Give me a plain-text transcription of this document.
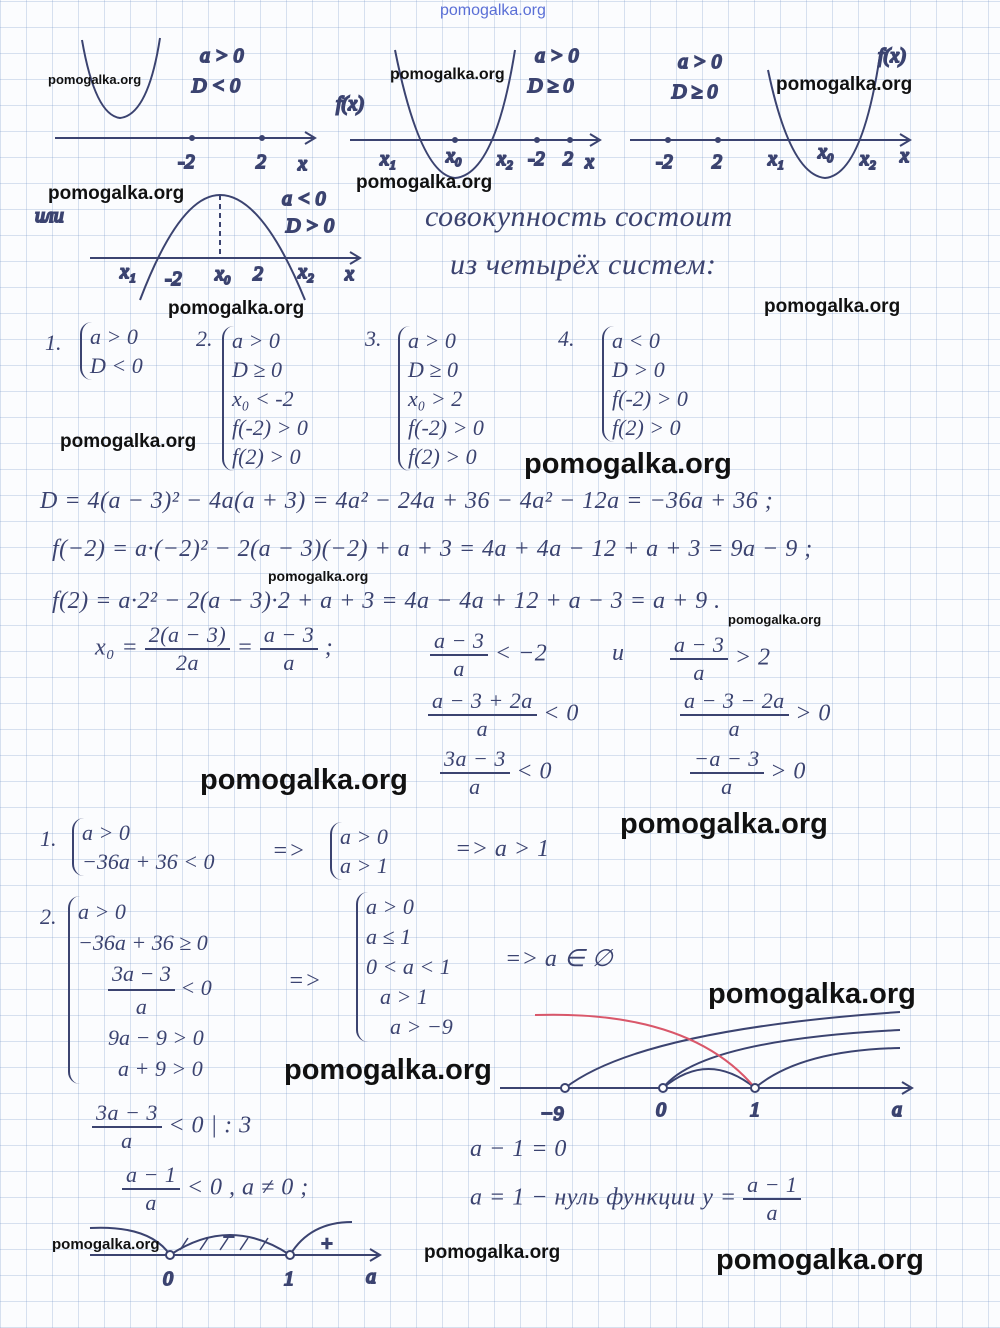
pomogalka.org
-2	2 x
a > 0
D < 0
f(x)
a > 0
D ≥ 0
x₁	x₀ x₂ -2 2 x
f(x)
a > 0
D ≥ 0
-2 2 x₁ x₀ x₂ x
или
a < 0
D > 0
x₁ -2 x₀ 2 x₂ x
−9	0	1	a
0	1	a
−	+
совокупность состоит
из четырёх систем:
1. a > 0
D < 0
2. a > 0
D ≥ 0
x₀ < -2
f(-2) > 0
f(2) > 0
3. a > 0
D ≥ 0
x₀ > 2
f(-2) > 0
f(2) > 0
4. a < 0
D > 0
f(-2) > 0
f(2) > 0
D = 4(a − 3)² − 4a(a + 3) = 4a² − 24a + 36 − 4a² − 12a = −36a + 36 ;
f(−2) = a·(−2)² − 2(a − 3)(−2) + a + 3 = 4a + 4a − 12 + a + 3 = 9a − 9 ;
f(2) = a·2² − 2(a − 3)·2 + a + 3 = 4a − 4a + 12 + a − 3 = a + 9 .
$x_0 = \frac{2(a - 3)}{2a} = \frac{a - 3}{a}$ ;	$\frac{a - 3}{a} < -2$	и $\frac{a - 3}{a} > 2$
$\frac{a - 3 + 2a}{a} < 0$	$\frac{a - 3 - 2a}{a} > 0$
$\frac{3a - 3}{a} < 0$	$\frac{-a - 3}{a} > 0$
1. a > 0
−36a + 36 < 0 =>
a > 0
a > 1
=> a > 1
2. a > 0
−36a + 36 ≥ 0
$\frac{3a - 3}{a} < 0$
9a − 9 > 0
a + 9 > 0
=>
a > 0
a ≤ 1
0 < a < 1
a > 1
a > −9
=> a ∈ ∅
$\frac{3a - 3}{a} < 0$ | : 3
$\frac{a - 1}{a} < 0$ , a ≠ 0 ;
a − 1 = 0
a = 1 − нуль функции $y = \frac{a - 1}{a}$
pomogalka.org	pomogalka.org	pomogalka.org
pomogalka.org
pomogalka.org
pomogalka.org
pomogalka.org
pomogalka.org
pomogalka.org
pomogalka.org
pomogalka.org
pomogalka.org
pomogalka.org
pomogalka.org
pomogalka.org
pomogalka.org
pomogalka.org	pomogalka.org
